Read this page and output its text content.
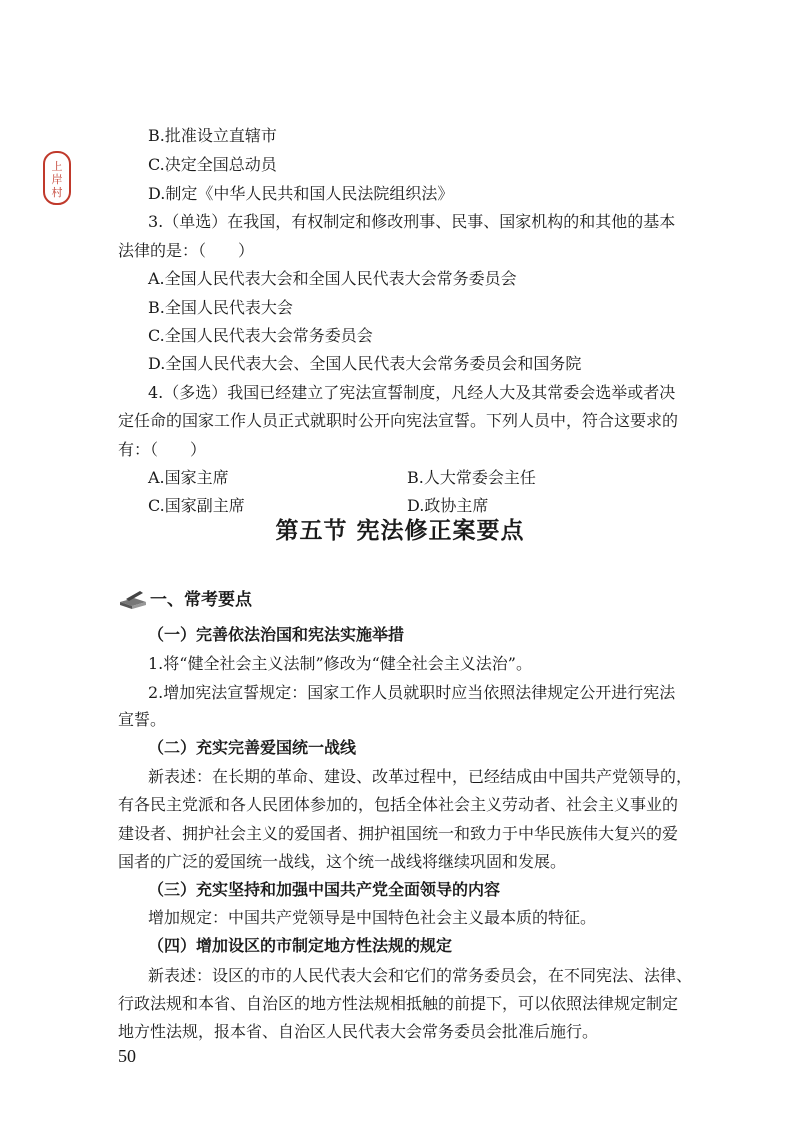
上
岸
村
B.批准设立直辖市
C.决定全国总动员
D.制定《中华人民共和国人民法院组织法》
3.（单选）在我国，有权制定和修改刑事、民事、国家机构的和其他的基本
法律的是：（　　）
A.全国人民代表大会和全国人民代表大会常务委员会
B.全国人民代表大会
C.全国人民代表大会常务委员会
D.全国人民代表大会、全国人民代表大会常务委员会和国务院
4.（多选）我国已经建立了宪法宣誓制度，凡经人大及其常委会选举或者决
定任命的国家工作人员正式就职时公开向宪法宣誓。下列人员中，符合这要求的
有：（　　）
A.国家主席	B.人大常委会主任
C.国家副主席	D.政协主席
第五节 宪法修正案要点
一、常考要点
（一）完善依法治国和宪法实施举措
1.将“健全社会主义法制”修改为“健全社会主义法治”。
2.增加宪法宣誓规定：国家工作人员就职时应当依照法律规定公开进行宪法
宣誓。
（二）充实完善爱国统一战线
新表述：在长期的革命、建设、改革过程中，已经结成由中国共产党领导的，
有各民主党派和各人民团体参加的，包括全体社会主义劳动者、社会主义事业的
建设者、拥护社会主义的爱国者、拥护祖国统一和致力于中华民族伟大复兴的爱
国者的广泛的爱国统一战线，这个统一战线将继续巩固和发展。
（三）充实坚持和加强中国共产党全面领导的内容
增加规定：中国共产党领导是中国特色社会主义最本质的特征。
（四）增加设区的市制定地方性法规的规定
新表述：设区的市的人民代表大会和它们的常务委员会，在不同宪法、法律、
行政法规和本省、自治区的地方性法规相抵触的前提下，可以依照法律规定制定
地方性法规，报本省、自治区人民代表大会常务委员会批准后施行。
50
